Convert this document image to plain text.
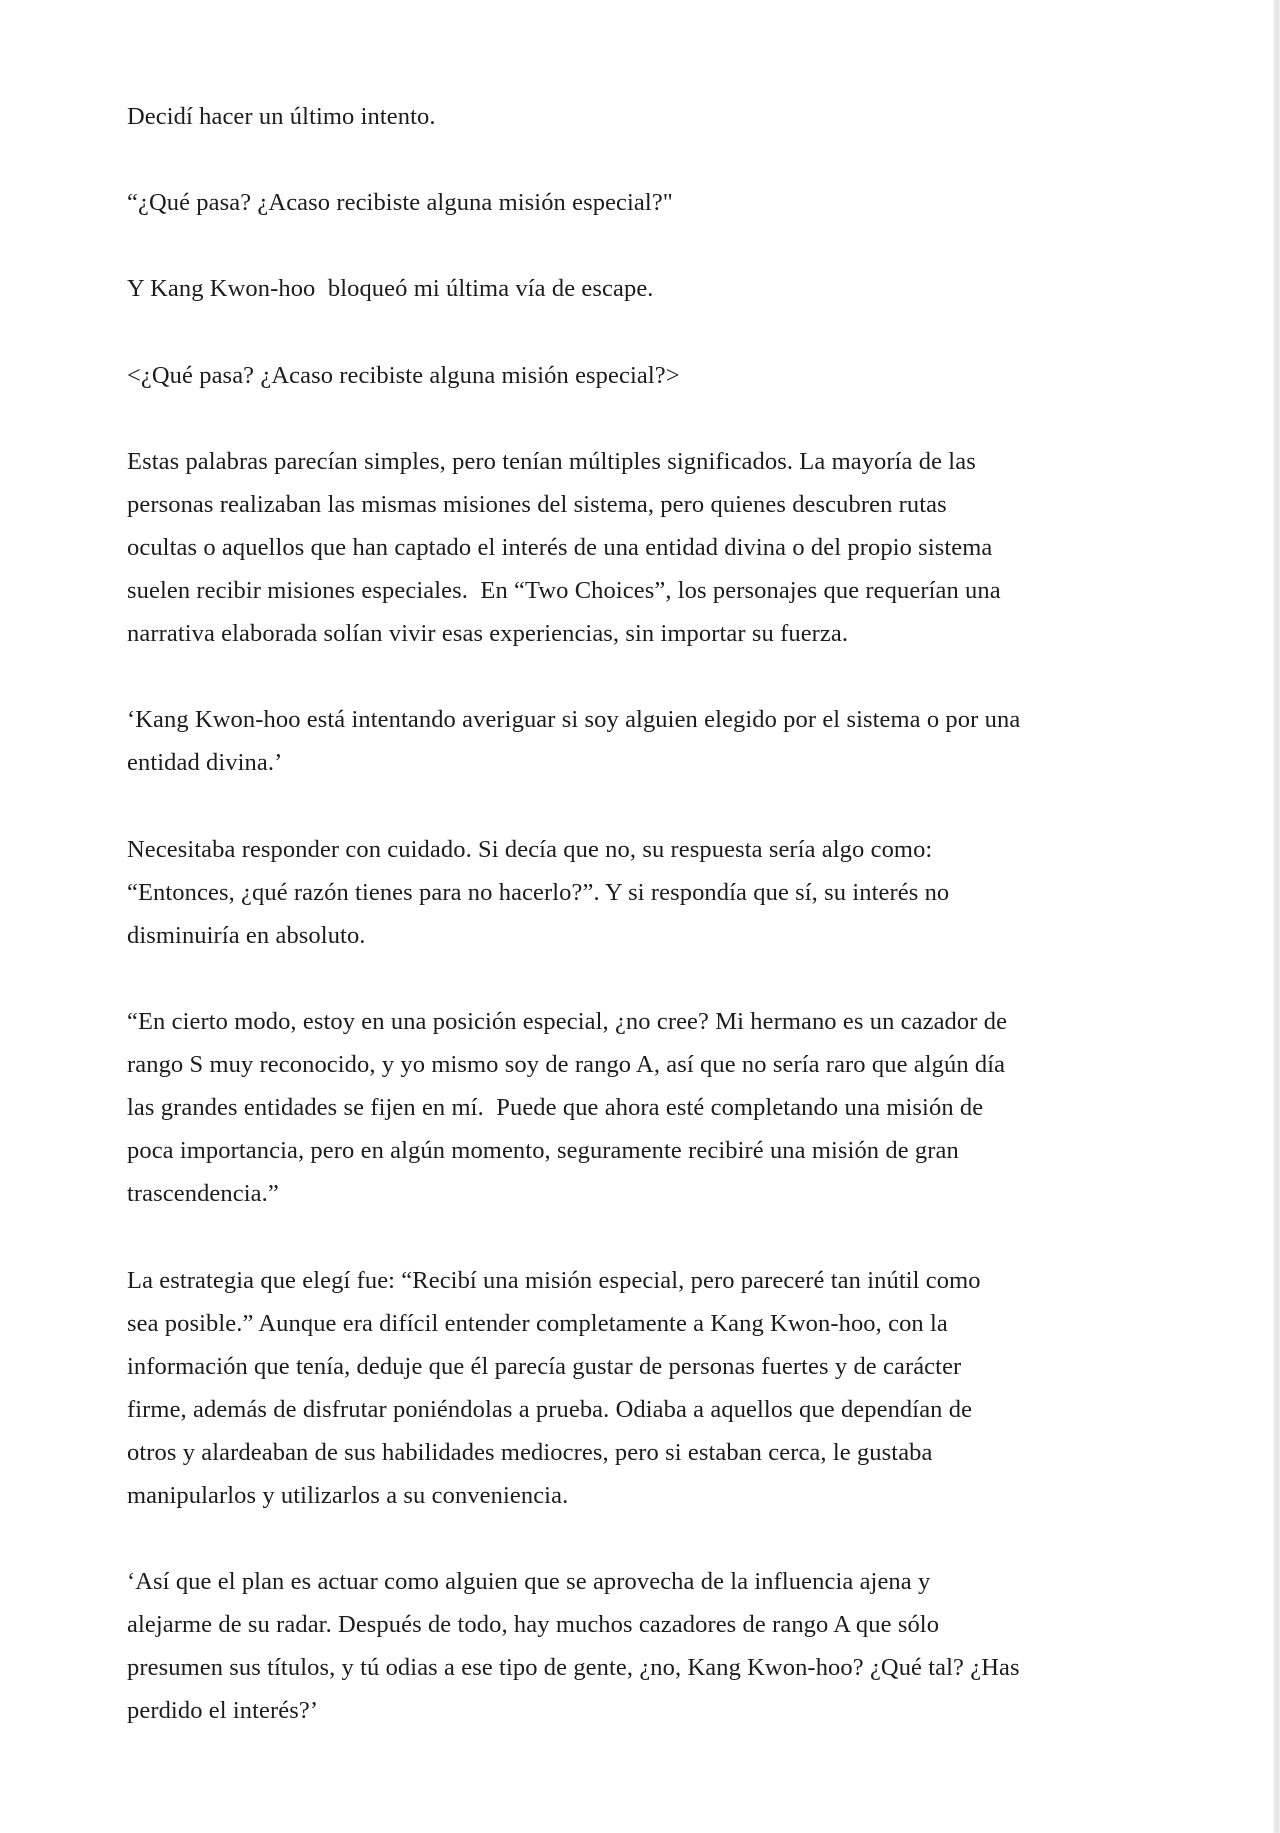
Decidí hacer un último intento.

“¿Qué pasa? ¿Acaso recibiste alguna misión especial?"

Y Kang Kwon-hoo  bloqueó mi última vía de escape.

<¿Qué pasa? ¿Acaso recibiste alguna misión especial?>

Estas palabras parecían simples, pero tenían múltiples significados. La mayoría de las
personas realizaban las mismas misiones del sistema, pero quienes descubren rutas
ocultas o aquellos que han captado el interés de una entidad divina o del propio sistema
suelen recibir misiones especiales.  En “Two Choices”, los personajes que requerían una
narrativa elaborada solían vivir esas experiencias, sin importar su fuerza.

‘Kang Kwon-hoo está intentando averiguar si soy alguien elegido por el sistema o por una
entidad divina.’

Necesitaba responder con cuidado. Si decía que no, su respuesta sería algo como:
“Entonces, ¿qué razón tienes para no hacerlo?”. Y si respondía que sí, su interés no
disminuiría en absoluto.

“En cierto modo, estoy en una posición especial, ¿no cree? Mi hermano es un cazador de
rango S muy reconocido, y yo mismo soy de rango A, así que no sería raro que algún día
las grandes entidades se fijen en mí.  Puede que ahora esté completando una misión de
poca importancia, pero en algún momento, seguramente recibiré una misión de gran
trascendencia.”

La estrategia que elegí fue: “Recibí una misión especial, pero pareceré tan inútil como
sea posible.” Aunque era difícil entender completamente a Kang Kwon-hoo, con la
información que tenía, deduje que él parecía gustar de personas fuertes y de carácter
firme, además de disfrutar poniéndolas a prueba. Odiaba a aquellos que dependían de
otros y alardeaban de sus habilidades mediocres, pero si estaban cerca, le gustaba
manipularlos y utilizarlos a su conveniencia.

‘Así que el plan es actuar como alguien que se aprovecha de la influencia ajena y
alejarme de su radar. Después de todo, hay muchos cazadores de rango A que sólo
presumen sus títulos, y tú odias a ese tipo de gente, ¿no, Kang Kwon-hoo? ¿Qué tal? ¿Has
perdido el interés?’
